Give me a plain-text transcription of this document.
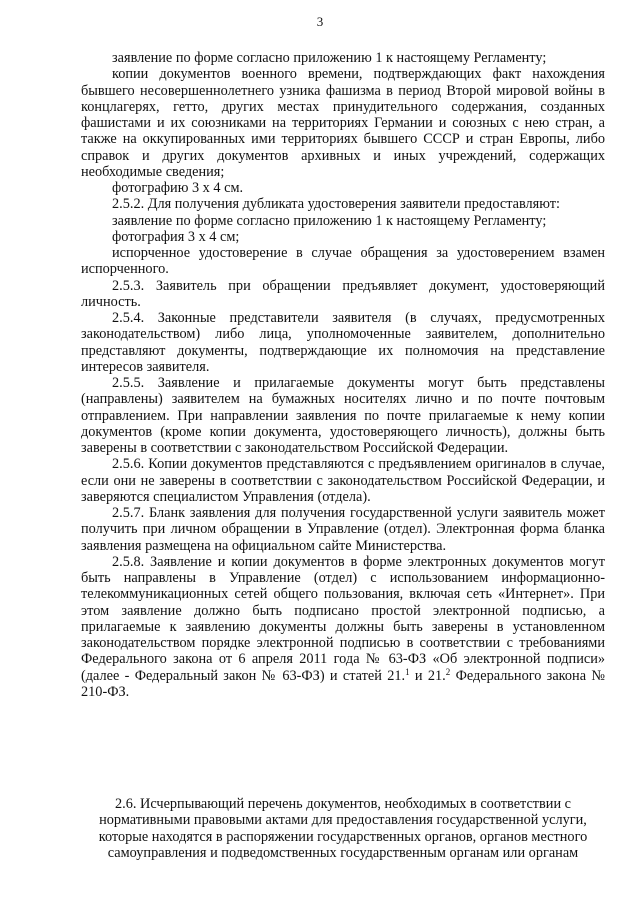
3

заявление по форме согласно приложению 1 к настоящему Регламенту;

копии документов военного времени, подтверждающих факт нахождения бывшего несовершеннолетнего узника фашизма в период Второй мировой войны в концлагерях, гетто, других местах принудительного содержания, созданных фашистами и их союзниками на территориях Германии и союзных с нею стран, а также на оккупированных ими территориях бывшего СССР и стран Европы, либо справок и других документов архивных и иных учреждений, содержащих необходимые сведения;

фотографию 3 х 4 см.

2.5.2. Для получения дубликата удостоверения заявители предоставляют:

заявление по форме согласно приложению 1 к настоящему Регламенту;

фотография 3 х 4 см;

испорченное удостоверение в случае обращения за удостоверением взамен испорченного.

2.5.3. Заявитель при обращении предъявляет документ, удостоверяющий личность.

2.5.4. Законные представители заявителя (в случаях, предусмотренных законодательством) либо лица, уполномоченные заявителем, дополнительно представляют документы, подтверждающие их полномочия на представление интересов заявителя.

2.5.5. Заявление и прилагаемые документы могут быть представлены (направлены) заявителем на бумажных носителях лично и по почте почтовым отправлением. При направлении заявления по почте прилагаемые к нему копии документов (кроме копии документа, удостоверяющего личность), должны быть заверены в соответствии с законодательством Российской Федерации.

2.5.6. Копии документов представляются с предъявлением оригиналов в случае, если они не заверены в соответствии с законодательством Российской Федерации, и заверяются специалистом Управления (отдела).

2.5.7. Бланк заявления для получения государственной услуги заявитель может получить при личном обращении в Управление (отдел). Электронная форма бланка заявления размещена на официальном сайте Министерства.

2.5.8. Заявление и копии документов в форме электронных документов могут быть направлены в Управление (отдел) с использованием информационно-телекоммуникационных сетей общего пользования, включая сеть «Интернет». При этом заявление должно быть подписано простой электронной подписью, а прилагаемые к заявлению документы должны быть заверены в установленном законодательством порядке электронной подписью в соответствии с требованиями Федерального закона от 6 апреля 2011 года № 63-ФЗ «Об электронной подписи» (далее - Федеральный закон № 63-ФЗ) и статей 21.$^1$ и 21.$^2$ Федерального закона № 210-ФЗ.

2.6. Исчерпывающий перечень документов, необходимых в соответствии с нормативными правовыми актами для предоставления государственной услуги, которые находятся в распоряжении государственных органов, органов местного самоуправления и подведомственных государственным органам или органам
